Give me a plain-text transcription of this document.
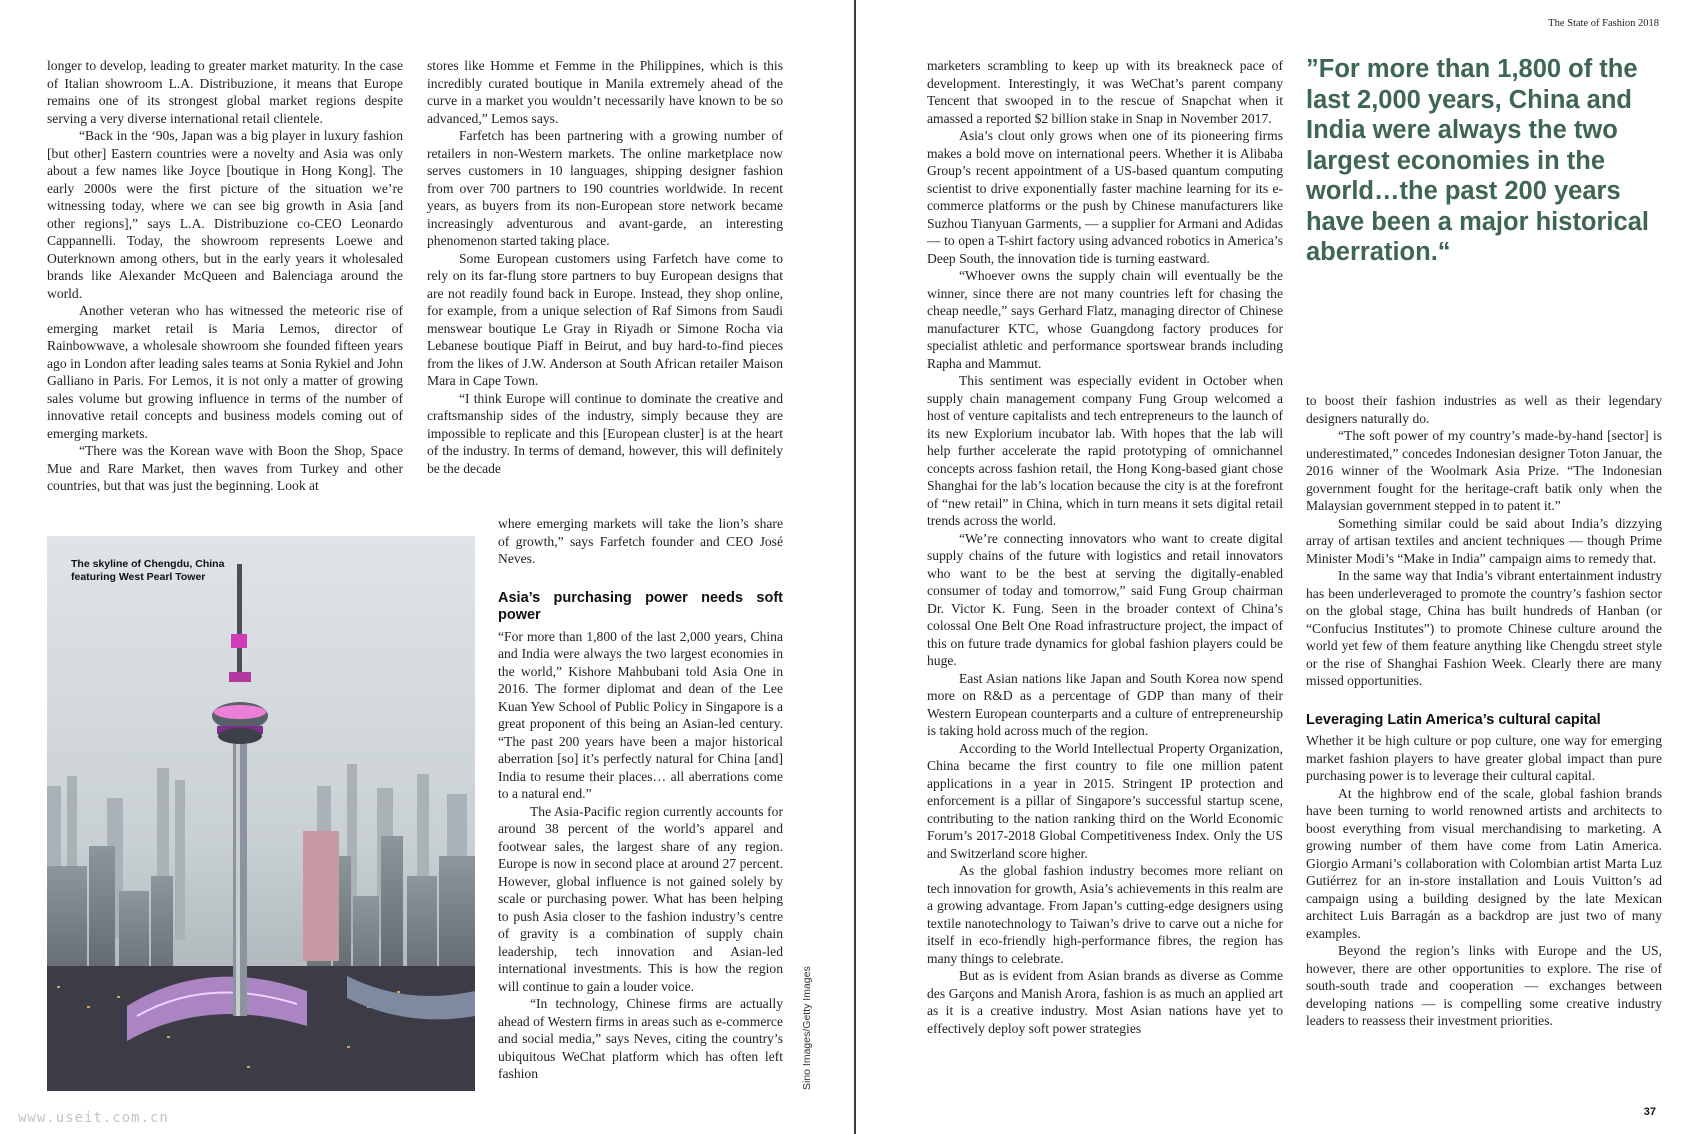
longer to develop, leading to greater market maturity. In the case of Italian showroom L.A. Distribuzione, it means that Europe remains one of its strongest global market regions despite serving a very diverse international retail clientele.

“Back in the ‘90s, Japan was a big player in luxury fashion [but other] Eastern countries were a novelty and Asia was only about a few names like Joyce [boutique in Hong Kong]. The early 2000s were the first picture of the situation we’re witnessing today, where we can see big growth in Asia [and other regions],” says L.A. Distribuzione co-CEO Leonardo Cappannelli. Today, the showroom represents Loewe and Outerknown among others, but in the early years it wholesaled brands like Alexander McQueen and Balenciaga around the world.

Another veteran who has witnessed the meteoric rise of emerging market retail is Maria Lemos, director of Rainbowwave, a wholesale showroom she founded fifteen years ago in London after leading sales teams at Sonia Rykiel and John Galliano in Paris. For Lemos, it is not only a matter of growing sales volume but growing influence in terms of the number of innovative retail concepts and business models coming out of emerging markets.

“There was the Korean wave with Boon the Shop, Space Mue and Rare Market, then waves from Turkey and other countries, but that was just the beginning. Look at

stores like Homme et Femme in the Philippines, which is this incredibly curated boutique in Manila extremely ahead of the curve in a market you wouldn’t necessarily have known to be so advanced,” Lemos says.

Farfetch has been partnering with a growing number of retailers in non-Western markets. The online marketplace now serves customers in 10 languages, shipping designer fashion from over 700 partners to 190 countries worldwide. In recent years, as buyers from its non-European store network became increasingly adventurous and avant-garde, an interesting phenomenon started taking place.

Some European customers using Farfetch have come to rely on its far-flung store partners to buy European designs that are not readily found back in Europe. Instead, they shop online, for example, from a unique selection of Raf Simons from Saudi menswear boutique Le Gray in Riyadh or Simone Rocha via Lebanese boutique Piaff in Beirut, and buy hard-to-find pieces from the likes of J.W. Anderson at South African retailer Maison Mara in Cape Town.

“I think Europe will continue to dominate the creative and craftsmanship sides of the industry, simply because they are impossible to replicate and this [European cluster] is at the heart of the industry. In terms of demand, however, this will definitely be the decade

where emerging markets will take the lion’s share of growth,” says Farfetch founder and CEO José Neves.

Asia’s purchasing power needs soft power

“For more than 1,800 of the last 2,000 years, China and India were always the two largest economies in the world,” Kishore Mahbubani told Asia One in 2016. The former diplomat and dean of the Lee Kuan Yew School of Public Policy in Singapore is a great proponent of this being an Asian-led century. “The past 200 years have been a major historical aberration [so] it’s perfectly natural for China [and] India to resume their places… all aberrations come to a natural end.”

The Asia-Pacific region currently accounts for around 38 percent of the world’s apparel and footwear sales, the largest share of any region. Europe is now in second place at around 27 percent. However, global influence is not gained solely by scale or purchasing power. What has been helping to push Asia closer to the fashion industry’s centre of gravity is a combination of supply chain leadership, tech innovation and Asian-led international investments. This is how the region will continue to gain a louder voice.

“In technology, Chinese firms are actually ahead of Western firms in areas such as e-commerce and social media,” says Neves, citing the country’s ubiquitous WeChat platform which has often left fashion

The skyline of Chengdu, China
featuring West Pearl Tower
Sino Images/Getty Images
www.useit.com.cn
The State of Fashion 2018

marketers scrambling to keep up with its breakneck pace of development. Interestingly, it was WeChat’s parent company Tencent that swooped in to the rescue of Snapchat when it amassed a reported $2 billion stake in Snap in November 2017.

Asia’s clout only grows when one of its pioneering firms makes a bold move on international peers. Whether it is Alibaba Group’s recent appointment of a US-based quantum computing scientist to drive exponentially faster machine learning for its e-commerce platforms or the push by Chinese manufacturers like Suzhou Tianyuan Garments, — a supplier for Armani and Adidas — to open a T-shirt factory using advanced robotics in America’s Deep South, the innovation tide is turning eastward.

“Whoever owns the supply chain will eventually be the winner, since there are not many countries left for chasing the cheap needle,” says Gerhard Flatz, managing director of Chinese manufacturer KTC, whose Guangdong factory produces for specialist athletic and performance sportswear brands including Rapha and Mammut.

This sentiment was especially evident in October when supply chain management company Fung Group welcomed a host of venture capitalists and tech entrepreneurs to the launch of its new Explorium incubator lab. With hopes that the lab will help further accelerate the rapid prototyping of omnichannel concepts across fashion retail, the Hong Kong-based giant chose Shanghai for the lab’s location because the city is at the forefront of “new retail” in China, which in turn means it sets digital retail trends across the world.

“We’re connecting innovators who want to create digital supply chains of the future with logistics and retail innovators who want to be the best at serving the digitally-enabled consumer of today and tomorrow,” said Fung Group chairman Dr. Victor K. Fung. Seen in the broader context of China’s colossal One Belt One Road infrastructure project, the impact of this on future trade dynamics for global fashion players could be huge.

East Asian nations like Japan and South Korea now spend more on R&D as a percentage of GDP than many of their Western European counterparts and a culture of entrepreneurship is taking hold across much of the region.

According to the World Intellectual Property Organization, China became the first country to file one million patent applications in a year in 2015. Stringent IP protection and enforcement is a pillar of Singapore’s successful startup scene, contributing to the nation ranking third on the World Economic Forum’s 2017-2018 Global Competitiveness Index. Only the US and Switzerland score higher.

As the global fashion industry becomes more reliant on tech innovation for growth, Asia’s achievements in this realm are a growing advantage. From Japan’s cutting-edge designers using textile nanotechnology to Taiwan’s drive to carve out a niche for itself in eco-friendly high-performance fibres, the region has many things to celebrate.

But as is evident from Asian brands as diverse as Comme des Garçons and Manish Arora, fashion is as much an applied art as it is a creative industry. Most Asian nations have yet to effectively deploy soft power strategies

”For more than 1,800 of the last 2,000 years, China and India were always the two largest economies in the world…the past 200 years have been a major historical aberration.“

to boost their fashion industries as well as their legendary designers naturally do.

“The soft power of my country’s made-by-hand [sector] is underestimated,” concedes Indonesian designer Toton Januar, the 2016 winner of the Woolmark Asia Prize. “The Indonesian government fought for the heritage-craft batik only when the Malaysian government stepped in to patent it.”

Something similar could be said about India’s dizzying array of artisan textiles and ancient techniques — though Prime Minister Modi’s “Make in India” campaign aims to remedy that.

In the same way that India’s vibrant entertainment industry has been underleveraged to promote the country’s fashion sector on the global stage, China has built hundreds of Hanban (or “Confucius Institutes”) to promote Chinese culture around the world yet few of them feature anything like Chengdu street style or the rise of Shanghai Fashion Week. Clearly there are many missed opportunities.

Leveraging Latin America’s cultural capital

Whether it be high culture or pop culture, one way for emerging market fashion players to have greater global impact than pure purchasing power is to leverage their cultural capital.

At the highbrow end of the scale, global fashion brands have been turning to world renowned artists and architects to boost everything from visual merchandising to marketing. A growing number of them have come from Latin America. Giorgio Armani’s collaboration with Colombian artist Marta Luz Gutiérrez for an in-store installation and Louis Vuitton’s ad campaign using a building designed by the late Mexican architect Luis Barragán as a backdrop are just two of many examples.

Beyond the region’s links with Europe and the US, however, there are other opportunities to explore. The rise of south-south trade and cooperation — exchanges between developing nations — is compelling some creative industry leaders to reassess their investment priorities.

37
